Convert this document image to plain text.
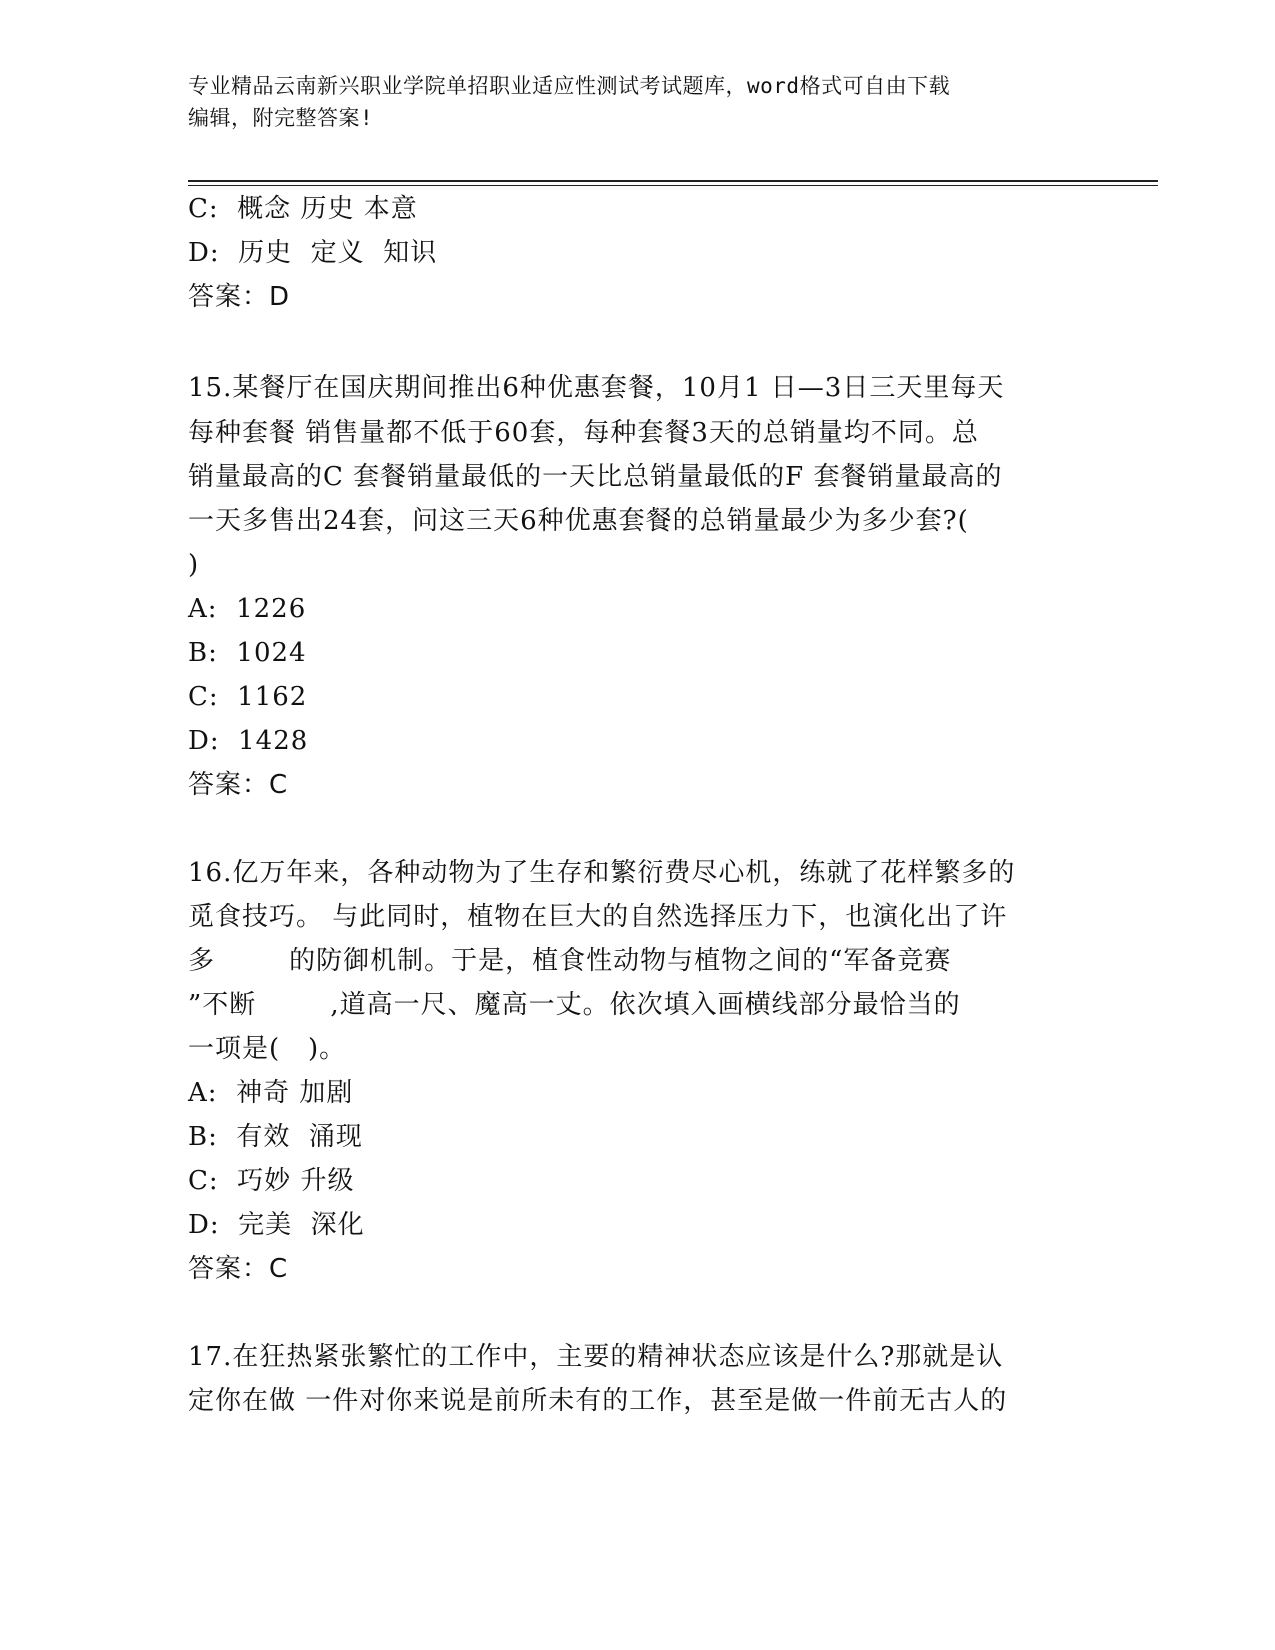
专业精品云南新兴职业学院单招职业适应性测试考试题库，word格式可自由下载
编辑，附完整答案!
C:  概念 历史 本意
D:  历史  定义  知识
答案：D
15.某餐厅在国庆期间推出6种优惠套餐，10月1 日—3日三天里每天
每种套餐 销售量都不低于60套，每种套餐3天的总销量均不同。总
销量最高的C 套餐销量最低的一天比总销量最低的F 套餐销量最高的
一天多售出24套，问这三天6种优惠套餐的总销量最少为多少套?(
)
A:  1226
B:  1024
C:  1162
D:  1428
答案：C
16.亿万年来，各种动物为了生存和繁衍费尽心机，练就了花样繁多的
觅食技巧。 与此同时，植物在巨大的自然选择压力下，也演化出了许
多        的防御机制。于是，植食性动物与植物之间的“军备竞赛
”不断        ,道高一尺、魔高一丈。依次填入画横线部分最恰当的
一项是(   )。
A:  神奇 加剧
B:  有效  涌现
C:  巧妙 升级
D:  完美  深化
答案：C
17.在狂热紧张繁忙的工作中，主要的精神状态应该是什么?那就是认
定你在做 一件对你来说是前所未有的工作，甚至是做一件前无古人的
